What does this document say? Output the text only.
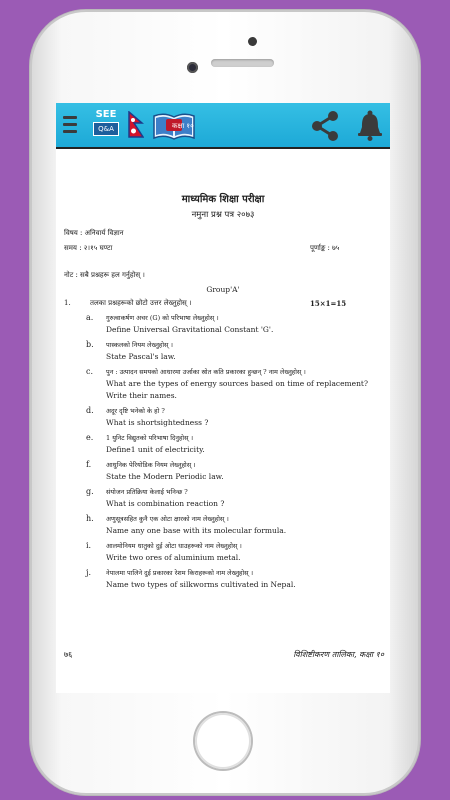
SEE
Q&A	कक्षा १०
माध्यमिक शिक्षा परीक्षा
नमुना प्रश्न पत्र २०७३
विषय : अनिवार्य विज्ञान
समय : २।१५ घण्टा	पूर्णाङ्क : ७५
नोट : सबै प्रश्नहरू हल गर्नुहोस् ।
Group'A'
1.	तलका प्रश्नहरूको छोटो उत्तर लेख्नुहोस् ।	15×1=15
a.	गुरुत्वाकर्षण अचर (G) को परिभाषा लेख्नुहोस् ।
Define Universal Gravitational Constant 'G'.
b.	पास्कलको नियम लेख्नुहोस् ।
State Pascal's law.
c.	पुन : उत्पादन समयको आधारमा उर्जाका स्रोत कति प्रकारका हुन्छन् ? नाम लेख्नुहोस् ।
What are the types of energy sources based on time of replacement? Write their names.
d.	अदूर दृष्टि भनेको के हो ?
What is shortsightedness ?
e.	1 युनिट विद्युतको परिभाषा दिनुहोस् ।
Define1 unit of electricity.
f.	आधुनिक पेरियोडिक नियम लेख्नुहोस् ।
State the Modern Periodic law.
g.	संयोजन प्रतिक्रिया केलाई भनिन्छ ?
What is combination reaction ?
h.	अणुसूत्रसहित कुनै एक ओटा क्षारको नाम लेख्नुहोस् ।
Name any one base with its molecular formula.
i.	आलमोनियम धातुको दुई ओटा धाउहरूको नाम लेख्नुहोस् ।
Write two ores of aluminium metal.
j.	नेपालमा पालिने दुई प्रकारका रेशम किराहरूको नाम लेख्नुहोस् ।
Name two types of silkworms cultivated in Nepal.
७६	विशिष्टीकरण तालिका, कक्षा १०
